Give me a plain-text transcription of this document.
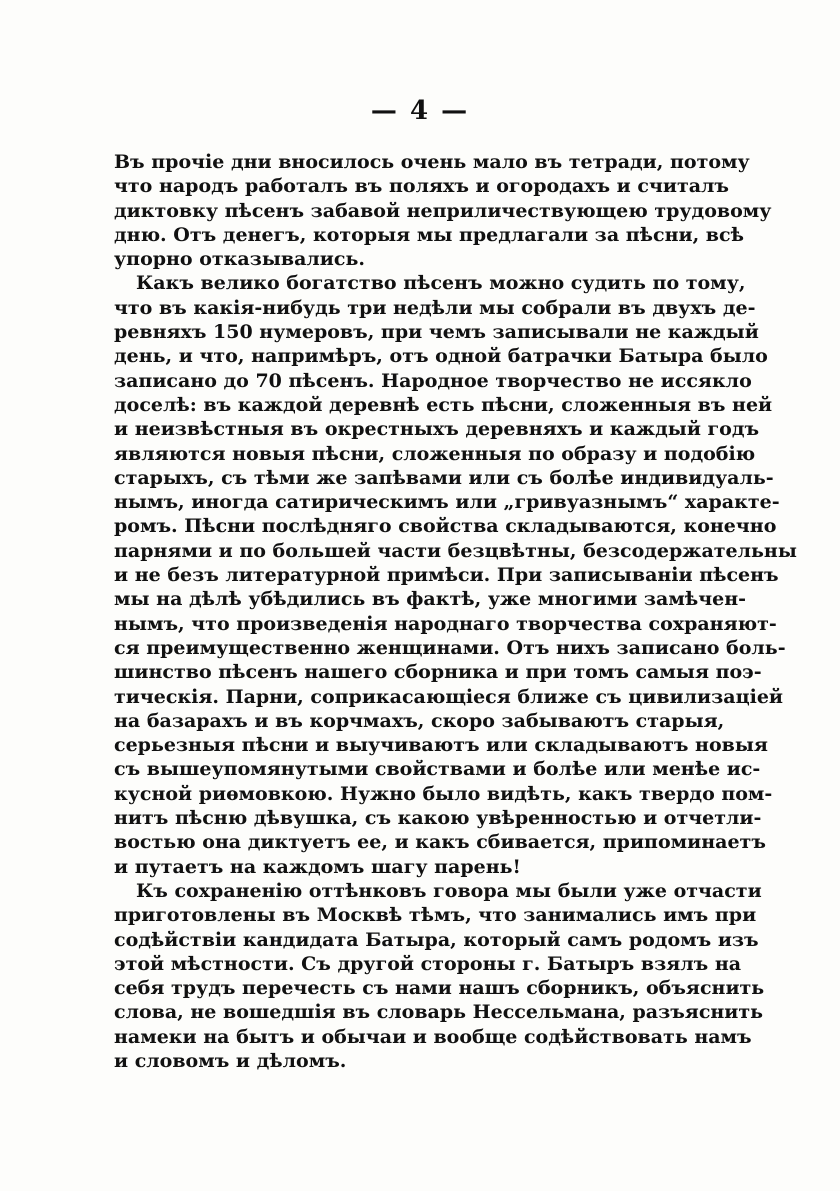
— 4 —
Въ прочіе дни вносилось очень мало въ тетради, потому
что народъ работалъ въ поляхъ и огородахъ и считалъ
диктовку пѣсенъ забавой неприличествующею трудовому
дню. Отъ денегъ, которыя мы предлагали за пѣсни, всѣ
упорно отказывались.
Какъ велико богатство пѣсенъ можно судить по тому,
что въ какія-нибудь три недѣли мы собрали въ двухъ де-
ревняхъ 150 нумеровъ, при чемъ записывали не каждый
день, и что, напримѣръ, отъ одной батрачки Батыра было
записано до 70 пѣсенъ. Народное творчество не иссякло
доселѣ: въ каждой деревнѣ есть пѣсни, сложенныя въ ней
и неизвѣстныя въ окрестныхъ деревняхъ и каждый годъ
являются новыя пѣсни, сложенныя по образу и подобію
старыхъ, съ тѣми же запѣвами или съ болѣе индивидуаль-
нымъ, иногда сатирическимъ или „гривуазнымъ“ характе-
ромъ. Пѣсни послѣдняго свойства складываются, конечно
парнями и по большей части безцвѣтны, безсодержательны
и не безъ литературной примѣси. При записываніи пѣсенъ
мы на дѣлѣ убѣдились въ фактѣ, уже многими замѣчен-
нымъ, что произведенія народнаго творчества сохраняют-
ся преимущественно женщинами. Отъ нихъ записано боль-
шинство пѣсенъ нашего сборника и при томъ самыя поэ-
тическія. Парни, соприкасающіеся ближе съ цивилизаціей
на базарахъ и въ корчмахъ, скоро забываютъ старыя,
серьезныя пѣсни и выучиваютъ или складываютъ новыя
съ вышеупомянутыми свойствами и болѣе или менѣе ис-
кусной риѳмовкою. Нужно было видѣть, какъ твердо пом-
нитъ пѣсню дѣвушка, съ какою увѣренностью и отчетли-
востью она диктуетъ ее, и какъ сбивается, припоминаетъ
и путаетъ на каждомъ шагу парень!
Къ сохраненію оттѣнковъ говора мы были уже отчасти
приготовлены въ Москвѣ тѣмъ, что занимались имъ при
содѣйствіи кандидата Батыра, который самъ родомъ изъ
этой мѣстности. Съ другой стороны г. Батыръ взялъ на
себя трудъ перечесть съ нами нашъ сборникъ, объяснить
слова, не вошедшія въ словарь Нессельмана, разъяснить
намеки на бытъ и обычаи и вообще содѣйствовать намъ
и словомъ и дѣломъ.
